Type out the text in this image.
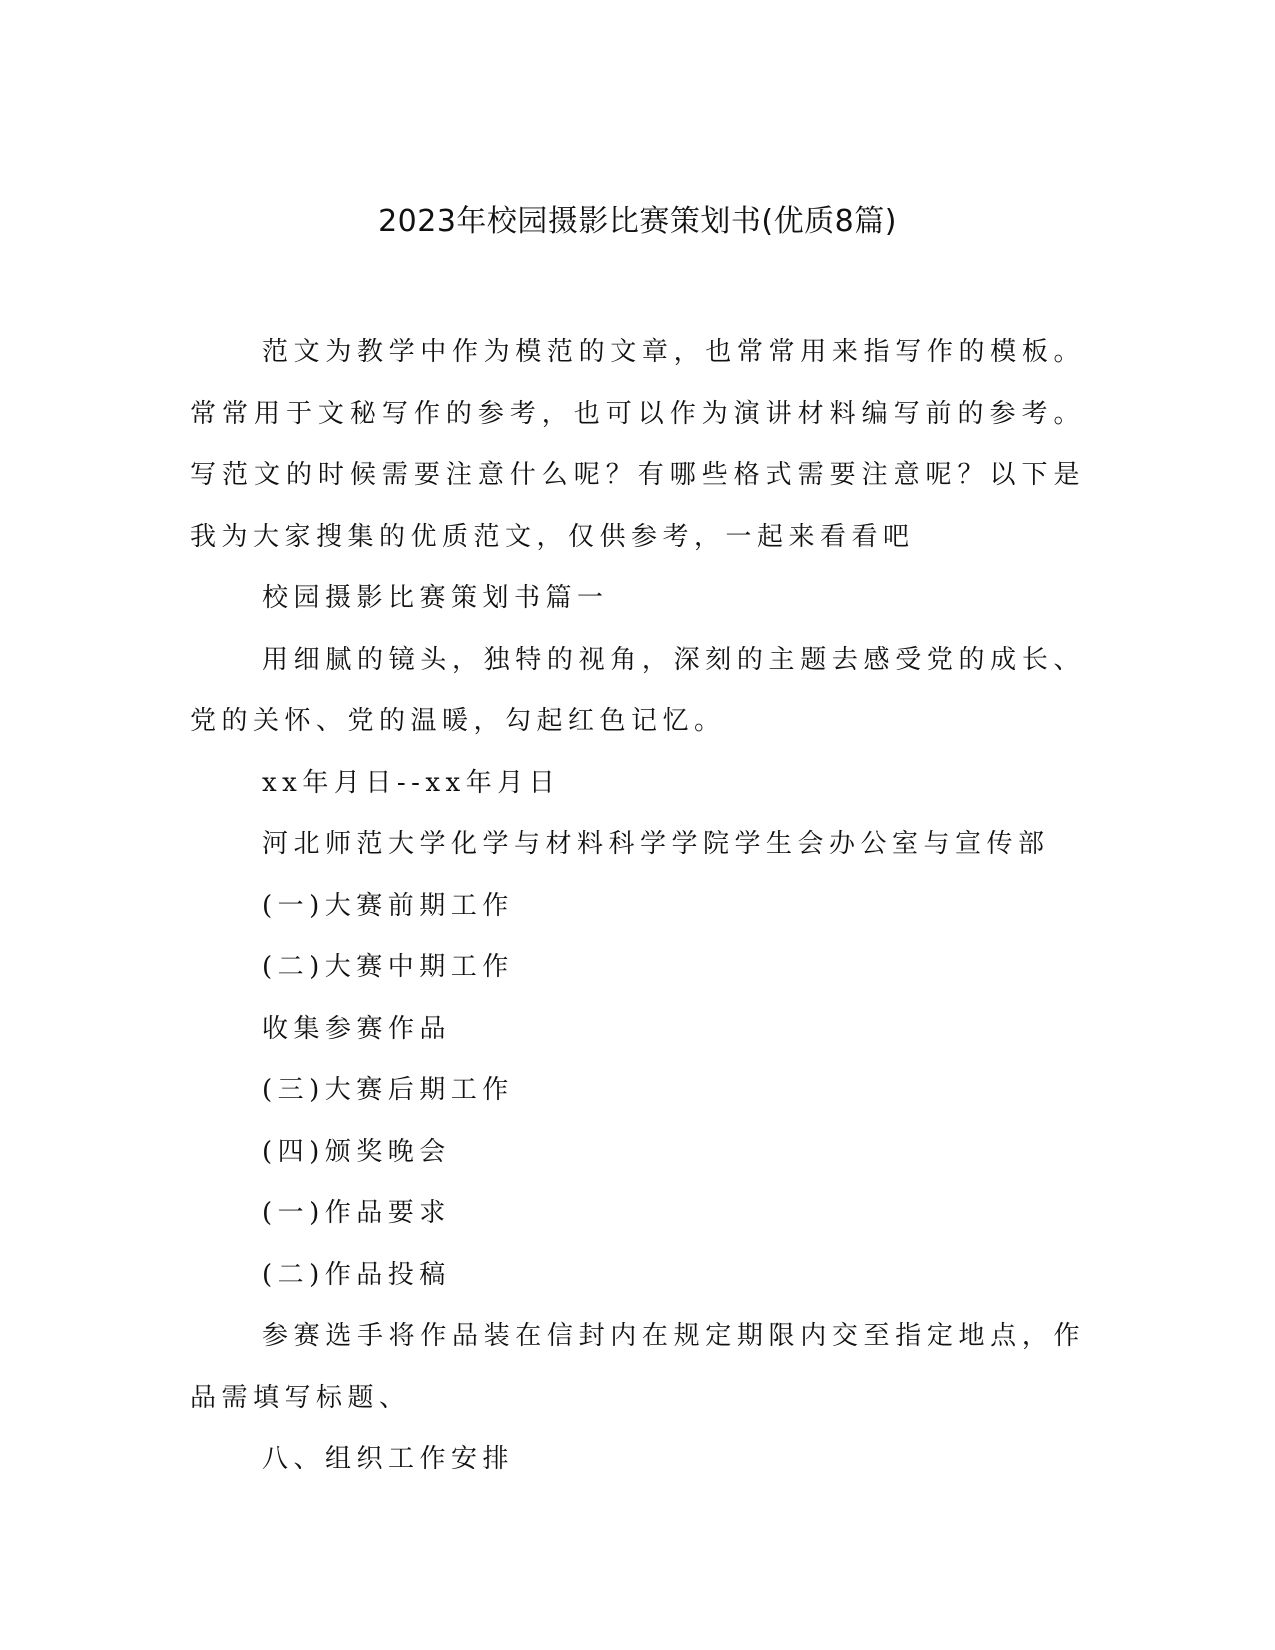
2023年校园摄影比赛策划书(优质8篇)

范文为教学中作为模范的文章，也常常用来指写作的模板。常常用于文秘写作的参考，也可以作为演讲材料编写前的参考。写范文的时候需要注意什么呢？有哪些格式需要注意呢？以下是我为大家搜集的优质范文，仅供参考，一起来看看吧

校园摄影比赛策划书篇一

用细腻的镜头，独特的视角，深刻的主题去感受党的成长、党的关怀、党的温暖，勾起红色记忆。

xx年月日--xx年月日

河北师范大学化学与材料科学学院学生会办公室与宣传部

(一)大赛前期工作

(二)大赛中期工作

收集参赛作品

(三)大赛后期工作

(四)颁奖晚会

(一)作品要求

(二)作品投稿

参赛选手将作品装在信封内在规定期限内交至指定地点，作品需填写标题、

八、组织工作安排
